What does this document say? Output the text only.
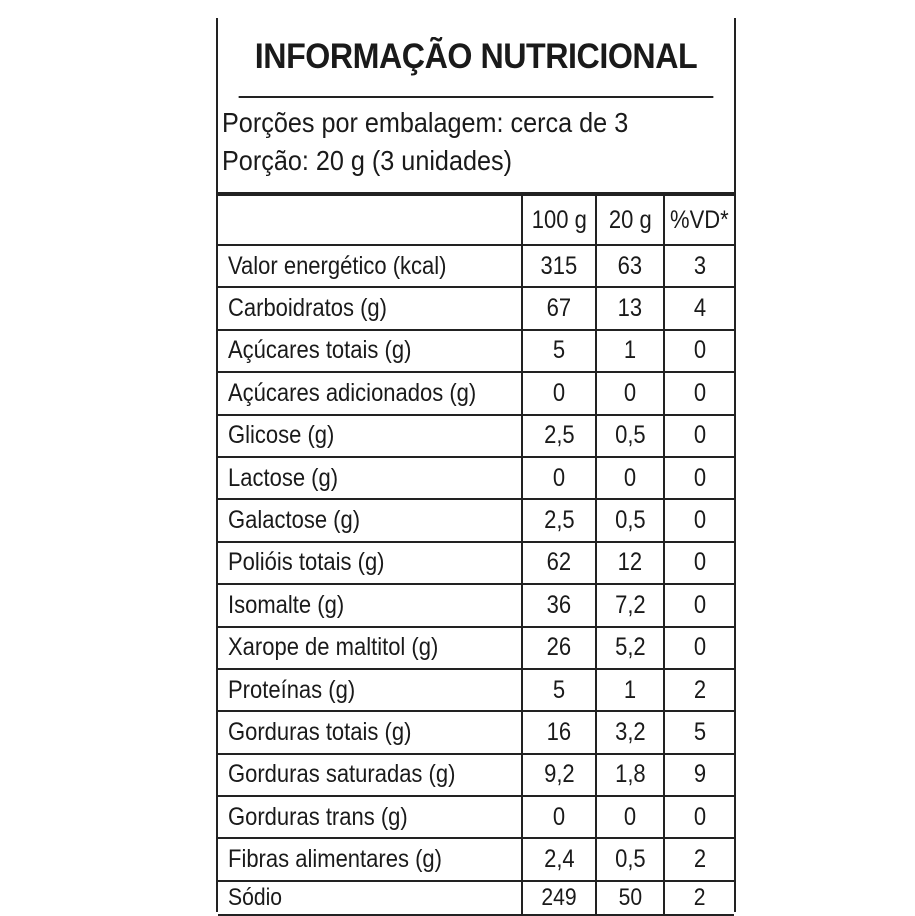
INFORMAÇÃO NUTRICIONAL
Porções por embalagem: cerca de 3
Porção: 20 g (3 unidades)
	100 g	20 g	%VD*
Valor energético (kcal)	315	63	3
Carboidratos (g)	67	13	4
Açúcares totais (g)	5	1	0
Açúcares adicionados (g)	0	0	0
Glicose (g)	2,5	0,5	0
Lactose (g)	0	0	0
Galactose (g)	2,5	0,5	0
Polióis totais (g)	62	12	0
Isomalte (g)	36	7,2	0
Xarope de maltitol (g)	26	5,2	0
Proteínas (g)	5	1	2
Gorduras totais (g)	16	3,2	5
Gorduras saturadas (g)	9,2	1,8	9
Gorduras trans (g)	0	0	0
Fibras alimentares (g)	2,4	0,5	2
Sódio	249	50	2
